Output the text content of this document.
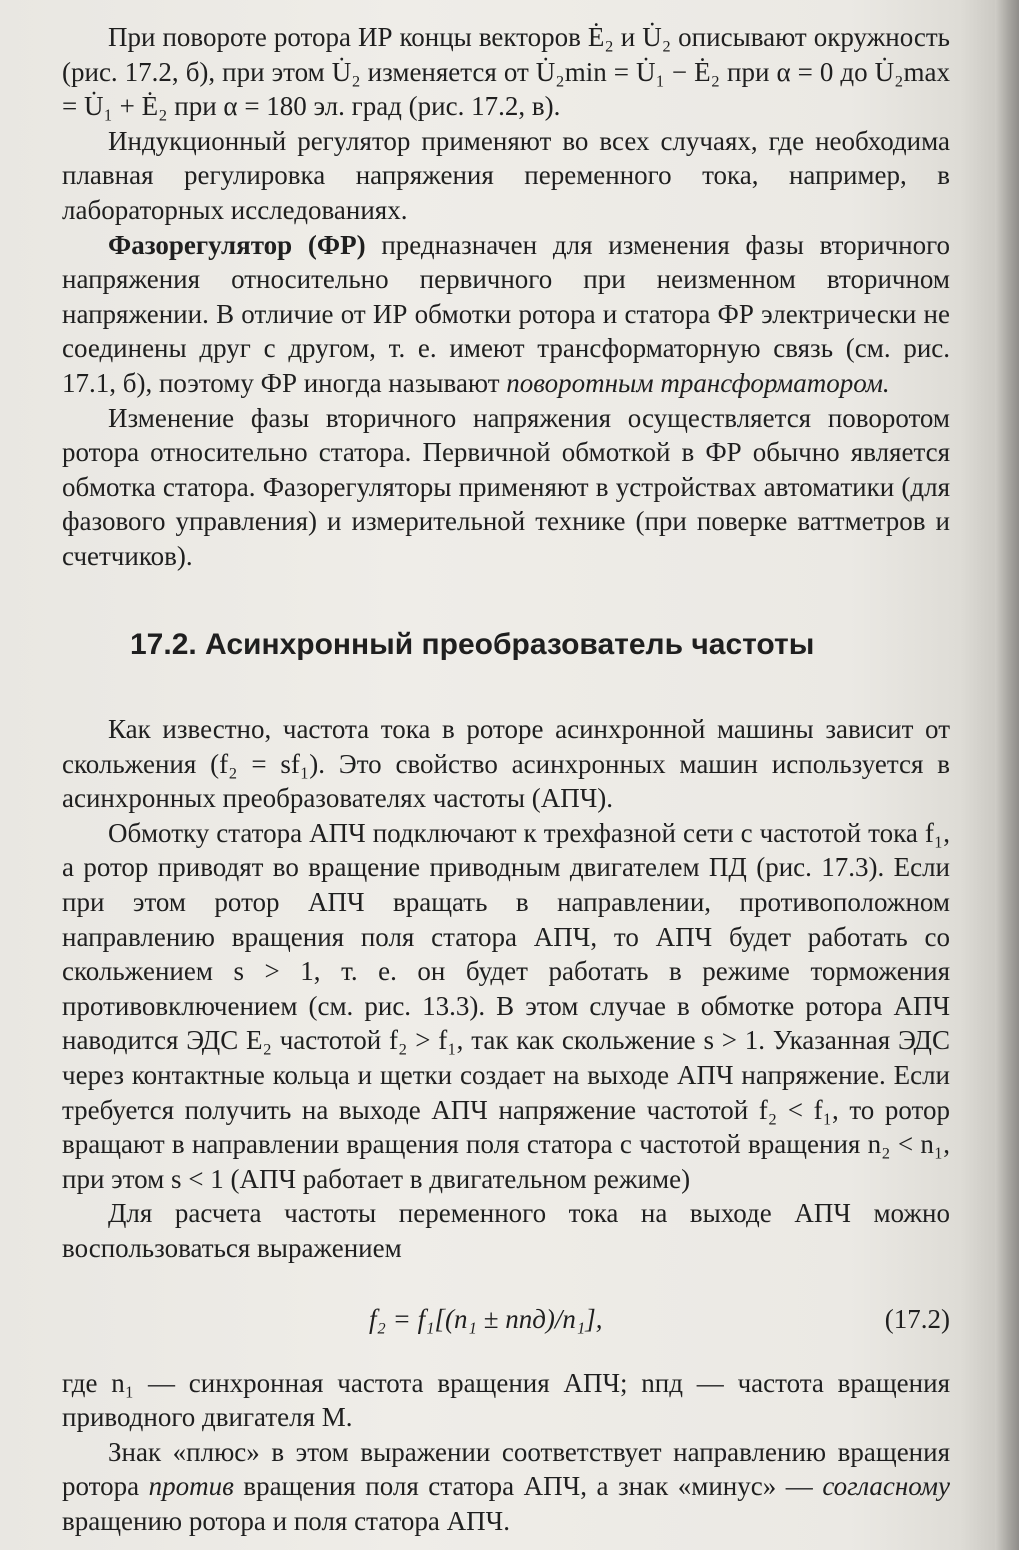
При повороте ротора ИР концы векторов Ė₂ и U̇₂ описывают окружность (рис. 17.2, б), при этом U̇₂ изменяется от U̇₂min = U̇₁ − Ė₂ при α = 0 до U̇₂max = U̇₁ + Ė₂ при α = 180 эл. град (рис. 17.2, в).

Индукционный регулятор применяют во всех случаях, где необходима плавная регулировка напряжения переменного тока, например, в лабораторных исследованиях.

Фазорегулятор (ФР) предназначен для изменения фазы вторичного напряжения относительно первичного при неизменном вторичном напряжении. В отличие от ИР обмотки ротора и статора ФР электрически не соединены друг с другом, т. е. имеют трансформаторную связь (см. рис. 17.1, б), поэтому ФР иногда называют поворотным трансформатором.

Изменение фазы вторичного напряжения осуществляется поворотом ротора относительно статора. Первичной обмоткой в ФР обычно является обмотка статора. Фазорегуляторы применяют в устройствах автоматики (для фазового управления) и измерительной технике (при поверке ваттметров и счетчиков).

17.2. Асинхронный преобразователь частоты

Как известно, частота тока в роторе асинхронной машины зависит от скольжения (f₂ = sf₁). Это свойство асинхронных машин используется в асинхронных преобразователях частоты (АПЧ).

Обмотку статора АПЧ подключают к трехфазной сети с частотой тока f₁, а ротор приводят во вращение приводным двигателем ПД (рис. 17.3). Если при этом ротор АПЧ вращать в направлении, противоположном направлению вращения поля статора АПЧ, то АПЧ будет работать со скольжением s > 1, т. е. он будет работать в режиме торможения противовключением (см. рис. 13.3). В этом случае в обмотке ротора АПЧ наводится ЭДС E₂ частотой f₂ > f₁, так как скольжение s > 1. Указанная ЭДС через контактные кольца и щетки создает на выходе АПЧ напряжение. Если требуется получить на выходе АПЧ напряжение частотой f₂ < f₁, то ротор вращают в направлении вращения поля статора с частотой вращения n₂ < n₁, при этом s < 1 (АПЧ работает в двигательном режиме)

Для расчета частоты переменного тока на выходе АПЧ можно воспользоваться выражением

f₂ = f₁[(n₁ ± nпд)/n₁],	(17.2)

где n₁ — синхронная частота вращения АПЧ; nпд — частота вращения приводного двигателя М.

Знак «плюс» в этом выражении соответствует направлению вращения ротора против вращения поля статора АПЧ, а знак «минус» — согласному вращению ротора и поля статора АПЧ.
